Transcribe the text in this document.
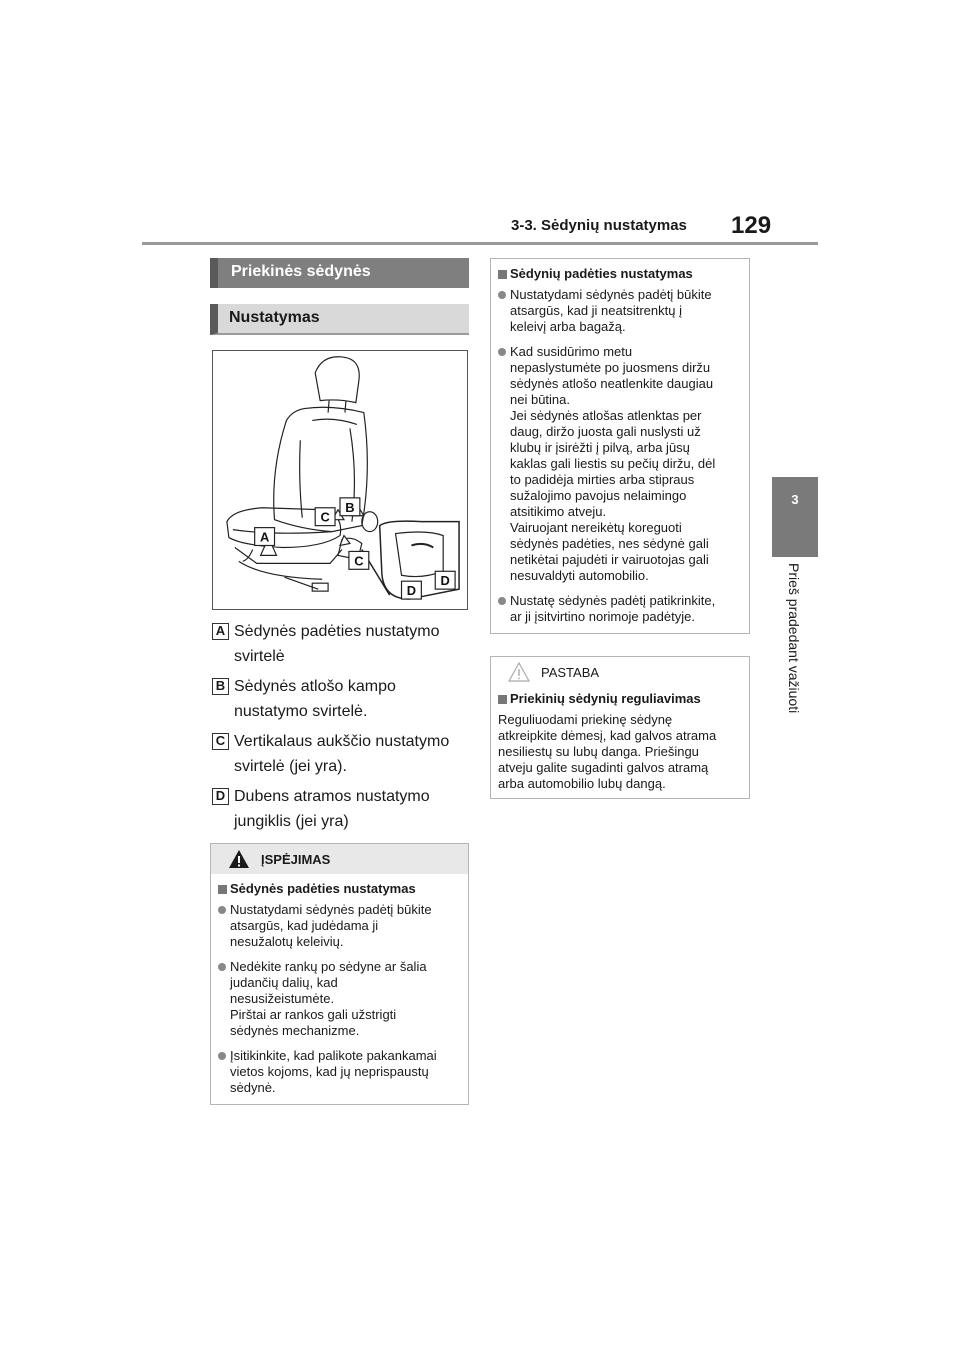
3-3. Sėdynių nustatymas 129
3
Prieš pradedant važiuoti
Priekinės sėdynės
Nustatymas
A
B
C
C
D
D
A Sėdynės padėties nustatymo svirtelė
B Sėdynės atlošo kampo nustatymo svirtelė.
C Vertikalaus aukščio nustatymo svirtelė (jei yra).
D Dubens atramos nustatymo jungiklis (jei yra)
ĮSPĖJIMAS
Sėdynės padėties nustatymas
Nustatydami sėdynės padėtį būkite
atsargūs, kad judėdama ji
nesužalotų keleivių.
Nedėkite rankų po sėdyne ar šalia
judančių dalių, kad
nesusižeistumėte.
Pirštai ar rankos gali užstrigti
sėdynės mechanizme.
Įsitikinkite, kad palikote pakankamai
vietos kojoms, kad jų neprispaustų
sėdynė.
Sėdynių padėties nustatymas
Nustatydami sėdynės padėtį būkite
atsargūs, kad ji neatsitrenktų į
keleivį arba bagažą.
Kad susidūrimo metu
nepaslystumėte po juosmens diržu
sėdynės atlošo neatlenkite daugiau
nei būtina.
Jei sėdynės atlošas atlenktas per
daug, diržo juosta gali nuslysti už
klubų ir įsirėžti į pilvą, arba jūsų
kaklas gali liestis su pečių diržu, dėl
to padidėja mirties arba stipraus
sužalojimo pavojus nelaimingo
atsitikimo atveju.
Vairuojant nereikėtų koreguoti
sėdynės padėties, nes sėdynė gali
netikėtai pajudėti ir vairuotojas gali
nesuvaldyti automobilio.
Nustatę sėdynės padėtį patikrinkite,
ar ji įsitvirtino norimoje padėtyje.
PASTABA
Priekinių sėdynių reguliavimas
Reguliuodami priekinę sėdynę
atkreipkite dėmesį, kad galvos atrama
nesiliestų su lubų danga. Priešingu
atveju galite sugadinti galvos atramą
arba automobilio lubų dangą.
